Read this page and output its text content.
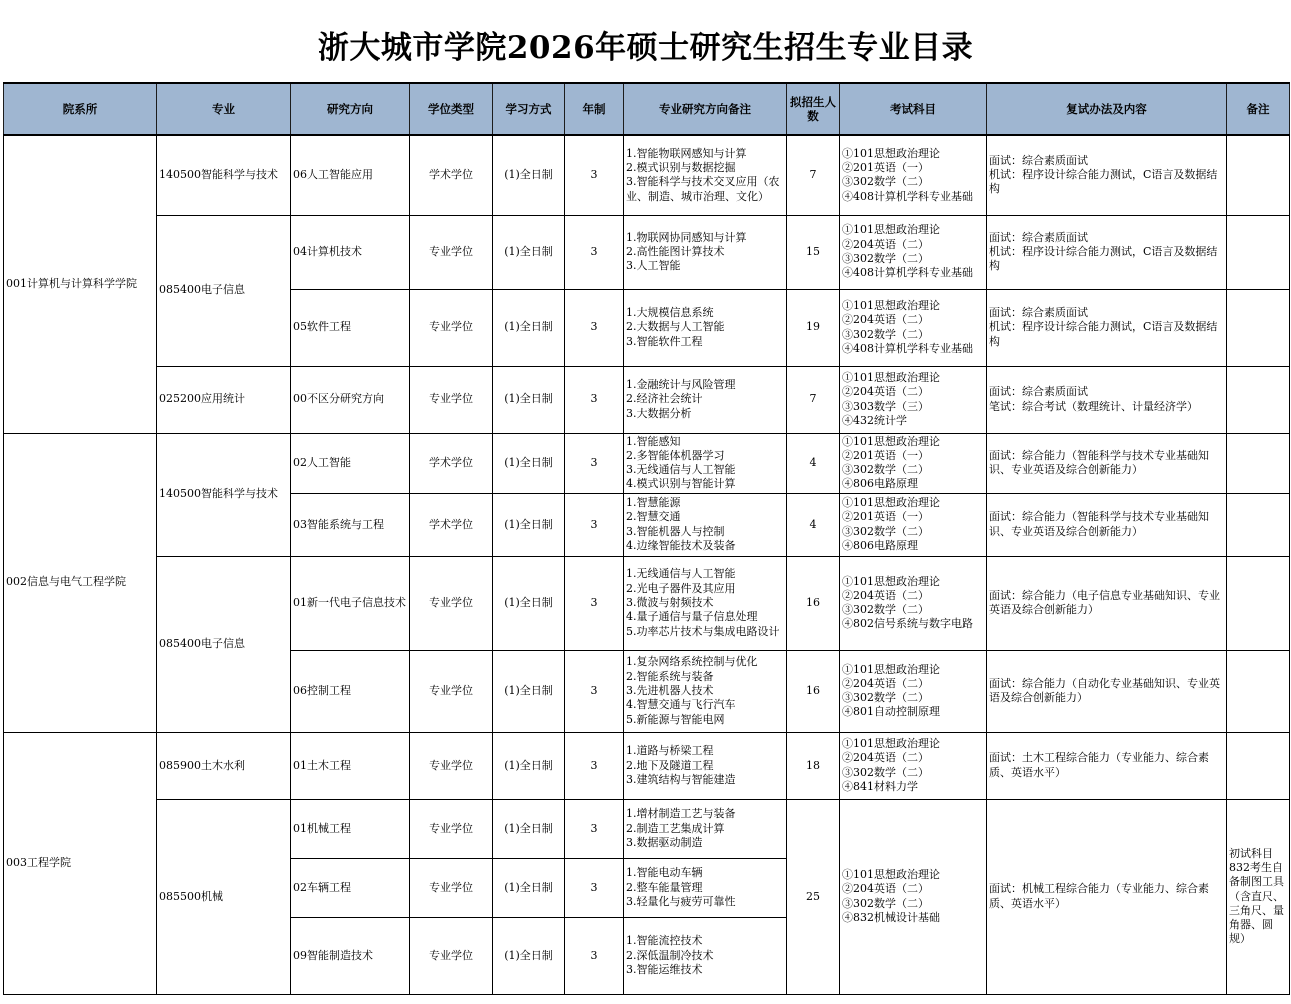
浙大城市学院2026年硕士研究生招生专业目录
院系所	专业	研究方向	学位类型	学习方式	年制	专业研究方向备注	拟招生人数	考试科目	复试办法及内容	备注
001计算机与计算科学学院	140500智能科学与技术	06人工智能应用	学术学位	(1)全日制	3	1.智能物联网感知与计算
2.模式识别与数据挖掘
3.智能科学与技术交叉应用（农业、制造、城市治理、文化）	7	①101思想政治理论
②201英语（一）
③302数学（二）
④408计算机学科专业基础	面试：综合素质面试
机试：程序设计综合能力测试，C语言及数据结构	

	085400电子信息	04计算机技术	专业学位	(1)全日制	3	1.物联网协同感知与计算
2.高性能图计算技术
3.人工智能	15	①101思想政治理论
②204英语（二）
③302数学（二）
④408计算机学科专业基础	面试：综合素质面试
机试：程序设计综合能力测试，C语言及数据结构	

		05软件工程	专业学位	(1)全日制	3	1.大规模信息系统
2.大数据与人工智能
3.智能软件工程	19	①101思想政治理论
②204英语（二）
③302数学（二）
④408计算机学科专业基础	面试：综合素质面试
机试：程序设计综合能力测试，C语言及数据结构	

	025200应用统计	00不区分研究方向	专业学位	(1)全日制	3	1.金融统计与风险管理
2.经济社会统计
3.大数据分析	7	①101思想政治理论
②204英语（二）
③303数学（三）
④432统计学	面试：综合素质面试
笔试：综合考试（数理统计、计量经济学）	

002信息与电气工程学院	140500智能科学与技术	02人工智能	学术学位	(1)全日制	3	1.智能感知
2.多智能体机器学习
3.无线通信与人工智能
4.模式识别与智能计算	4	①101思想政治理论
②201英语（一）
③302数学（二）
④806电路原理	面试：综合能力（智能科学与技术专业基础知识、专业英语及综合创新能力）	

		03智能系统与工程	学术学位	(1)全日制	3	1.智慧能源
2.智慧交通
3.智能机器人与控制
4.边缘智能技术及装备	4	①101思想政治理论
②201英语（一）
③302数学（二）
④806电路原理	面试：综合能力（智能科学与技术专业基础知识、专业英语及综合创新能力）	

	085400电子信息	01新一代电子信息技术	专业学位	(1)全日制	3	1.无线通信与人工智能
2.光电子器件及其应用
3.微波与射频技术
4.量子通信与量子信息处理
5.功率芯片技术与集成电路设计	16	①101思想政治理论
②204英语（二）
③302数学（二）
④802信号系统与数字电路	面试：综合能力（电子信息专业基础知识、专业英语及综合创新能力）	

		06控制工程	专业学位	(1)全日制	3	1.复杂网络系统控制与优化
2.智能系统与装备
3.先进机器人技术
4.智慧交通与飞行汽车
5.新能源与智能电网	16	①101思想政治理论
②204英语（二）
③302数学（二）
④801自动控制原理	面试：综合能力（自动化专业基础知识、专业英语及综合创新能力）	

003工程学院	085900土木水利	01土木工程	专业学位	(1)全日制	3	1.道路与桥梁工程
2.地下及隧道工程
3.建筑结构与智能建造	18	①101思想政治理论
②204英语（二）
③302数学（二）
④841材料力学	面试：土木工程综合能力（专业能力、综合素质、英语水平）	

	085500机械	01机械工程	专业学位	(1)全日制	3	1.增材制造工艺与装备
2.制造工艺集成计算
3.数据驱动制造	25	①101思想政治理论
②204英语（二）
③302数学（二）
④832机械设计基础	面试：机械工程综合能力（专业能力、综合素质、英语水平）	初试科目832考生自备制图工具（含直尺、三角尺、量角器、圆规）

		02车辆工程	专业学位	(1)全日制	3	1.智能电动车辆
2.整车能量管理
3.轻量化与疲劳可靠性				

		09智能制造技术	专业学位	(1)全日制	3	1.智能流控技术
2.深低温制冷技术
3.智能运维技术				
